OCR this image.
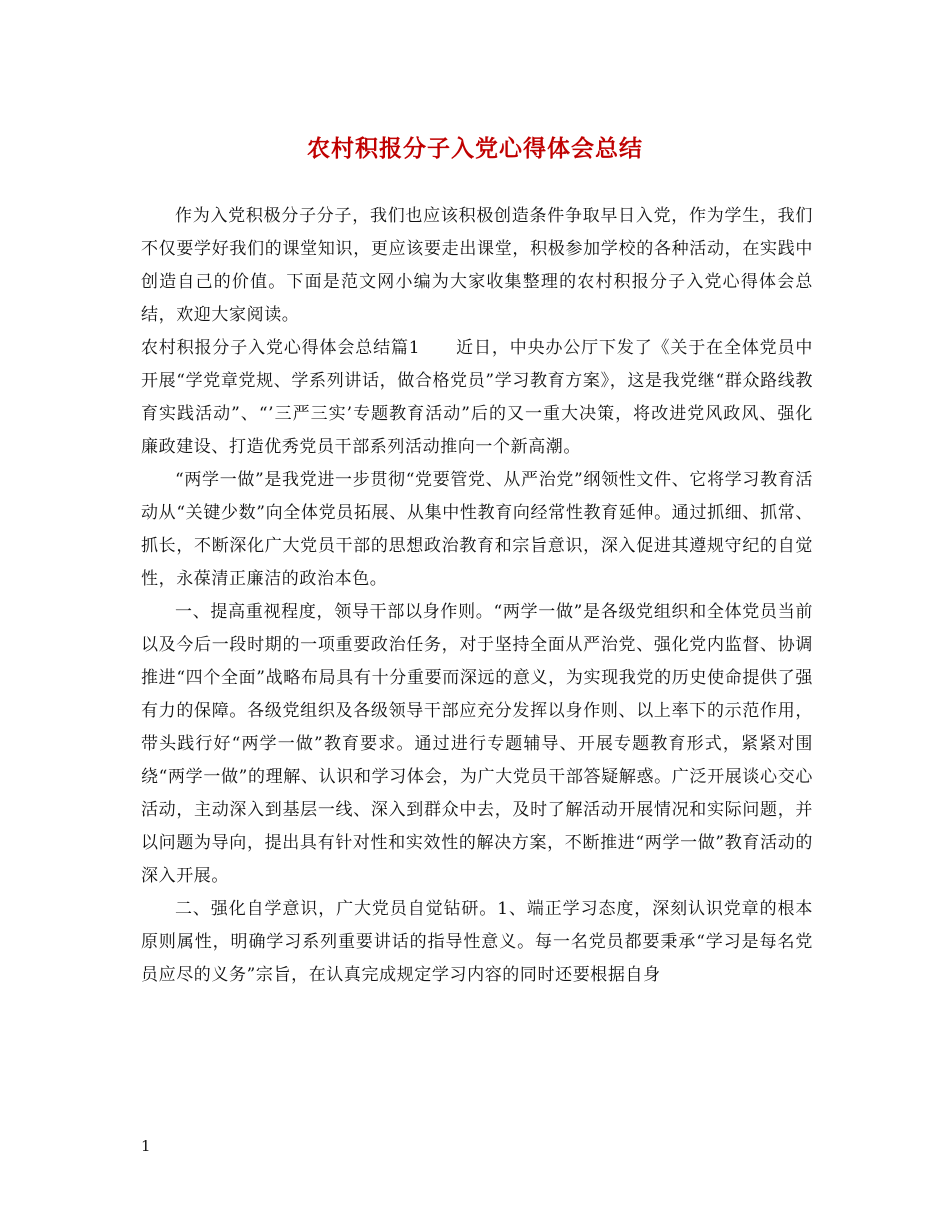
农村积报分子入党心得体会总结

作为入党积极分子分子，我们也应该积极创造条件争取早日入党，作为学生，我们不仅要学好我们的课堂知识，更应该要走出课堂，积极参加学校的各种活动，在实践中创造自己的价值。下面是范文网小编为大家收集整理的农村积报分子入党心得体会总结，欢迎大家阅读。

农村积报分子入党心得体会总结篇1　　近日，中央办公厅下发了《关于在全体党员中开展“学党章党规、学系列讲话，做合格党员”学习教育方案》，这是我党继“群众路线教育实践活动”、“’三严三实’专题教育活动”后的又一重大决策，将改进党风政风、强化廉政建设、打造优秀党员干部系列活动推向一个新高潮。

“两学一做”是我党进一步贯彻“党要管党、从严治党”纲领性文件、它将学习教育活动从“关键少数”向全体党员拓展、从集中性教育向经常性教育延伸。通过抓细、抓常、抓长，不断深化广大党员干部的思想政治教育和宗旨意识，深入促进其遵规守纪的自觉性，永葆清正廉洁的政治本色。

一、提高重视程度，领导干部以身作则。“两学一做”是各级党组织和全体党员当前以及今后一段时期的一项重要政治任务，对于坚持全面从严治党、强化党内监督、协调推进“四个全面”战略布局具有十分重要而深远的意义，为实现我党的历史使命提供了强有力的保障。各级党组织及各级领导干部应充分发挥以身作则、以上率下的示范作用，带头践行好“两学一做”教育要求。通过进行专题辅导、开展专题教育形式，紧紧对围绕“两学一做”的理解、认识和学习体会，为广大党员干部答疑解惑。广泛开展谈心交心活动，主动深入到基层一线、深入到群众中去，及时了解活动开展情况和实际问题，并以问题为导向，提出具有针对性和实效性的解决方案，不断推进“两学一做”教育活动的深入开展。

二、强化自学意识，广大党员自觉钻研。1、端正学习态度，深刻认识党章的根本原则属性，明确学习系列重要讲话的指导性意义。每一名党员都要秉承“学习是每名党员应尽的义务”宗旨，在认真完成规定学习内容的同时还要根据自身

1
